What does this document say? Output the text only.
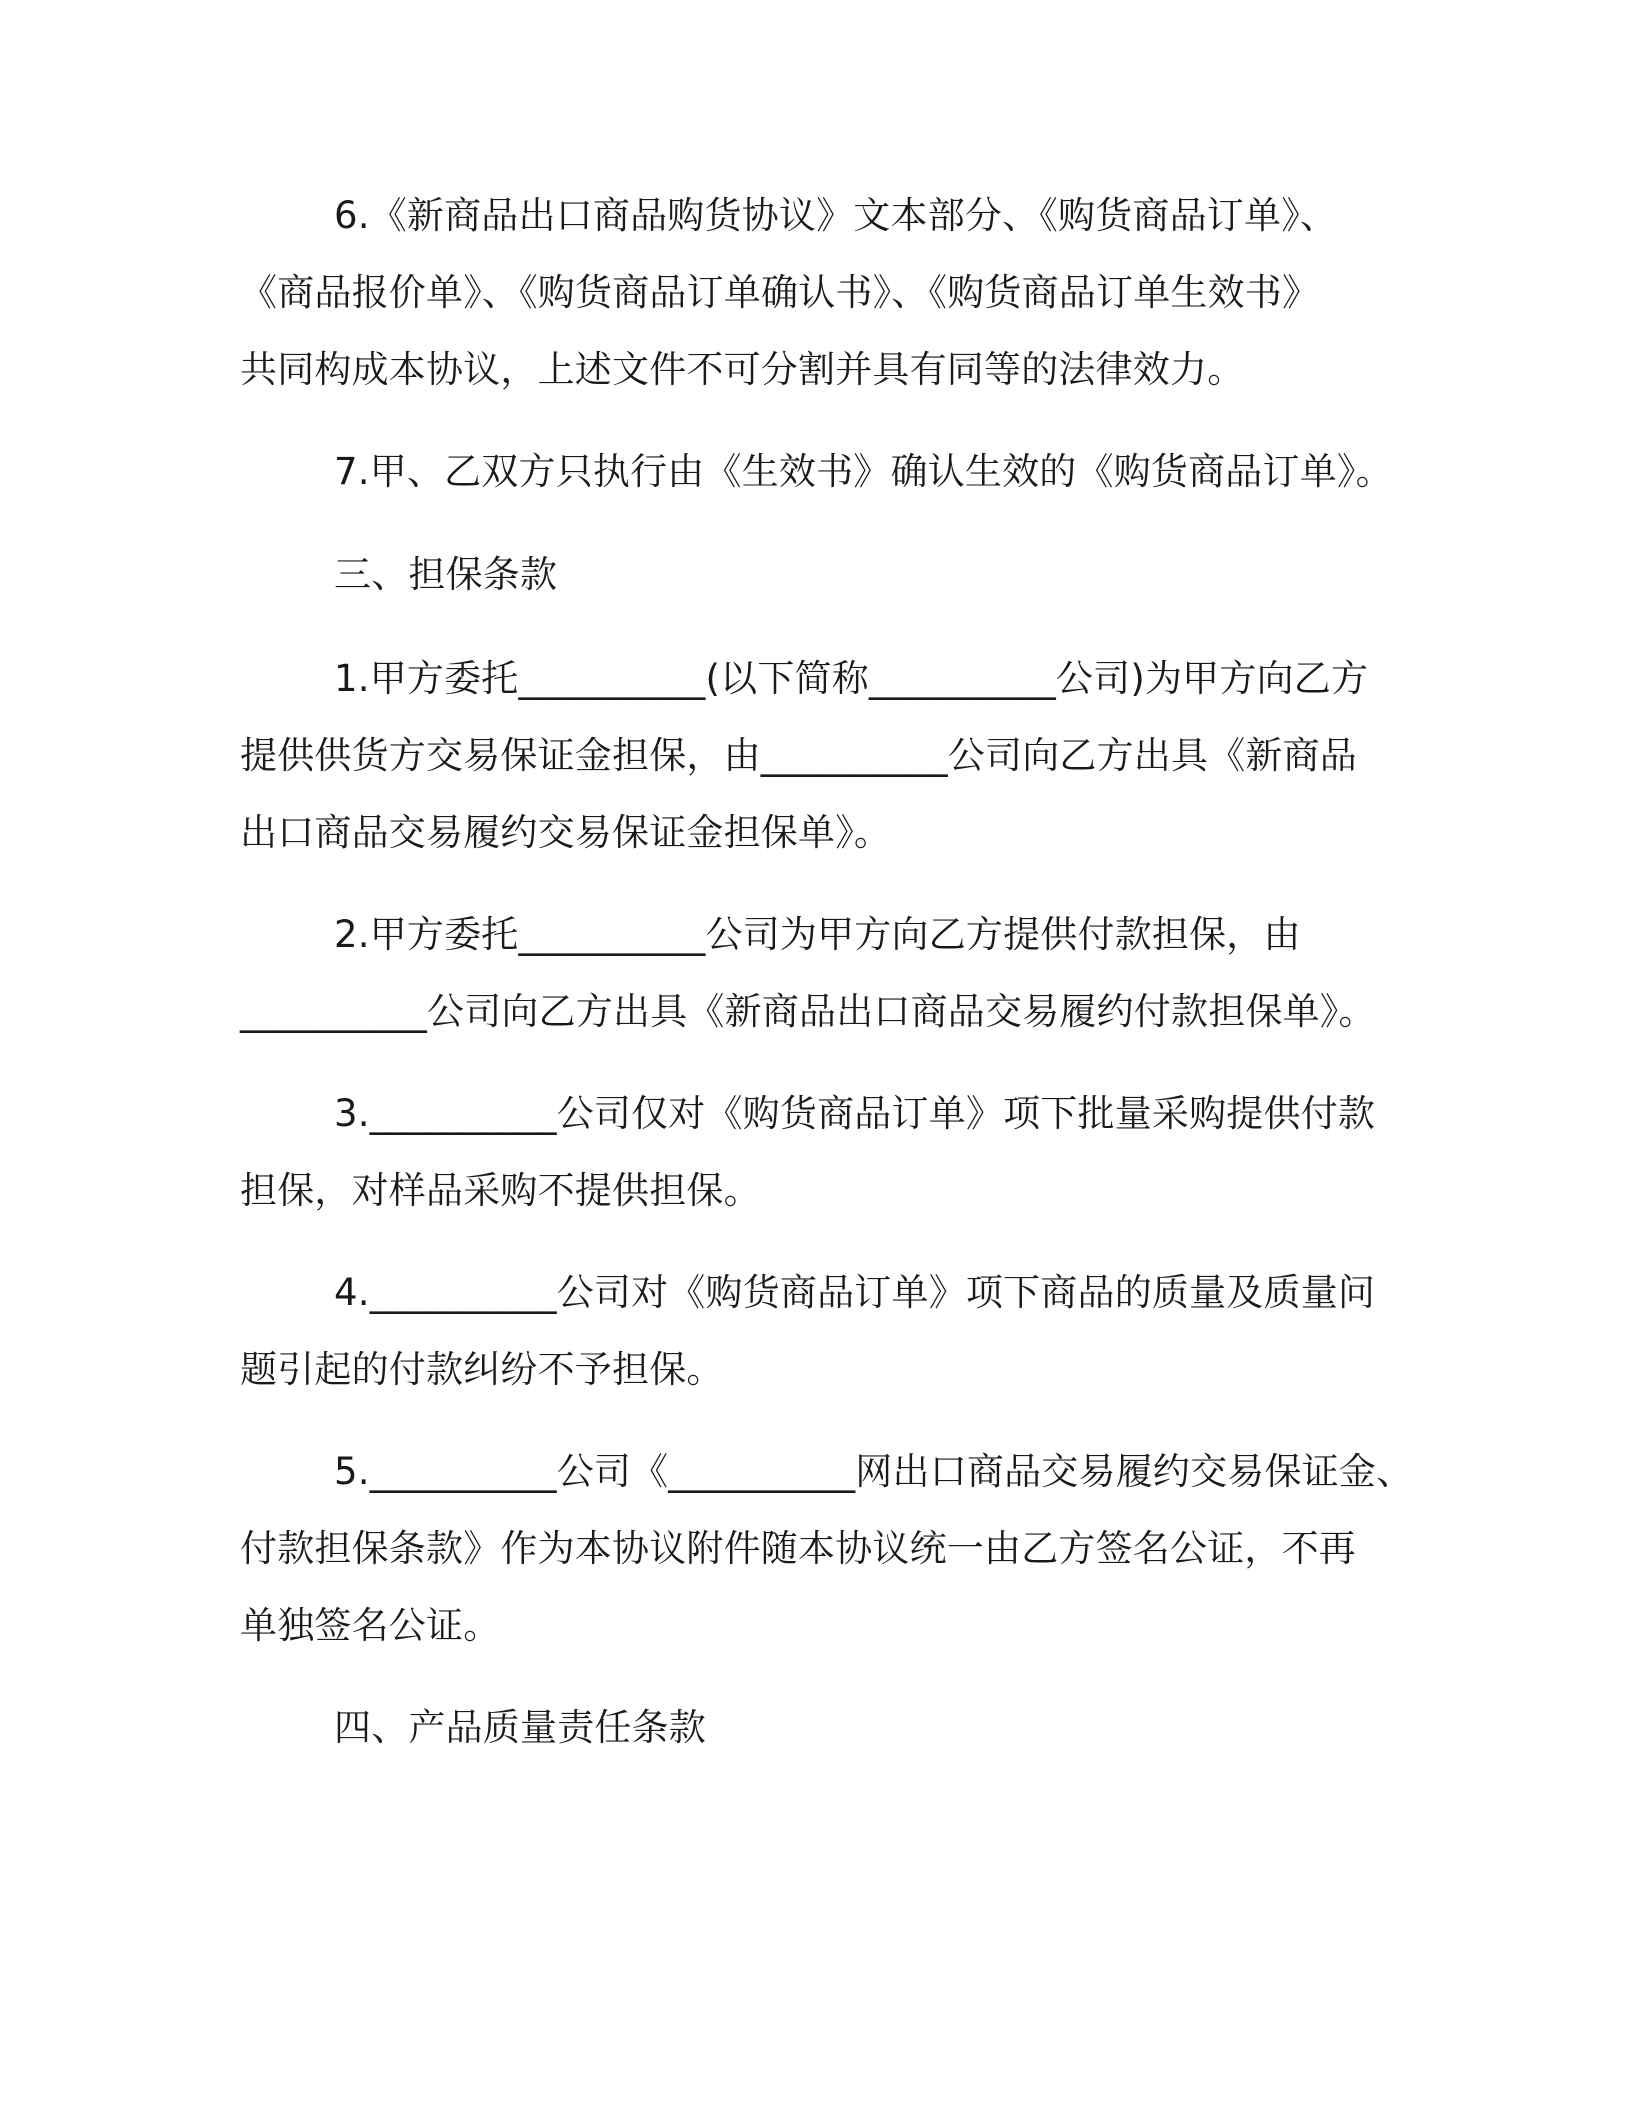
6.《新商品出口商品购货协议》文本部分、《购货商品订单》、
《商品报价单》、《购货商品订单确认书》、《购货商品订单生效书》
共同构成本协议，上述文件不可分割并具有同等的法律效力。
7.甲、乙双方只执行由《生效书》确认生效的《购货商品订单》。
三、担保条款
1.甲方委托__________(以下简称__________公司)为甲方向乙方
提供供货方交易保证金担保，由__________公司向乙方出具《新商品
出口商品交易履约交易保证金担保单》。
2.甲方委托__________公司为甲方向乙方提供付款担保，由
__________公司向乙方出具《新商品出口商品交易履约付款担保单》。
3.__________公司仅对《购货商品订单》项下批量采购提供付款
担保，对样品采购不提供担保。
4.__________公司对《购货商品订单》项下商品的质量及质量问
题引起的付款纠纷不予担保。
5.__________公司《__________网出口商品交易履约交易保证金、
付款担保条款》作为本协议附件随本协议统一由乙方签名公证，不再
单独签名公证。
四、产品质量责任条款
